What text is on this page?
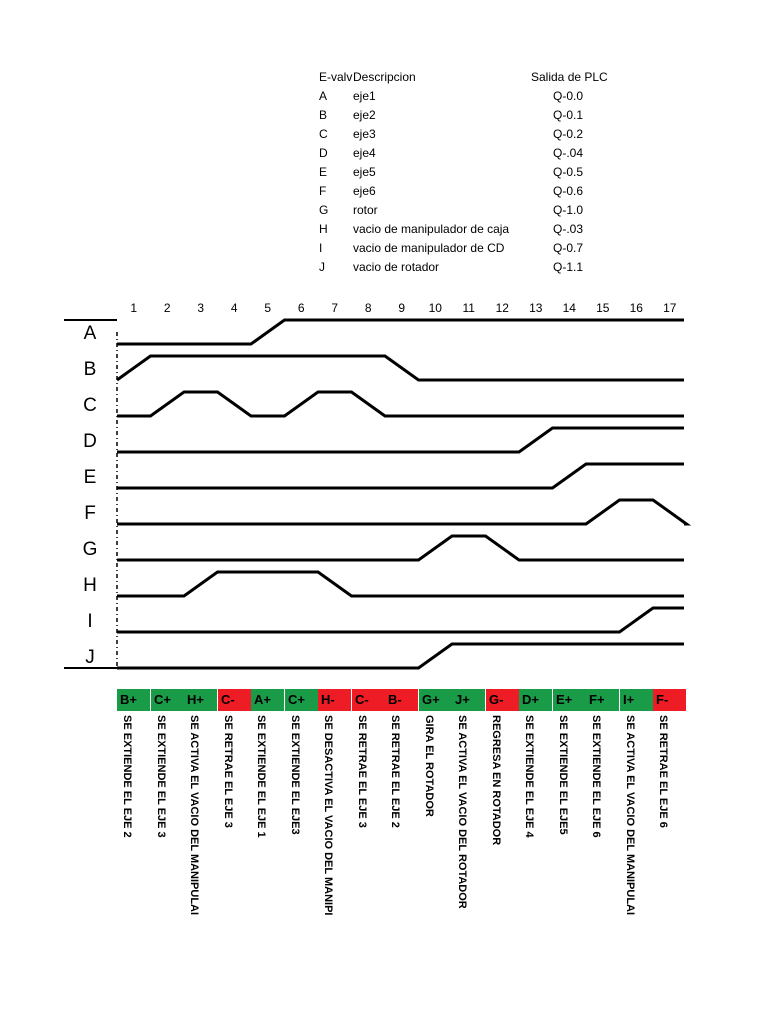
E-valv Descripcion	Salida de PLC
A eje1	Q-0.0
B eje2	Q-0.1
C eje3	Q-0.2
D eje4	Q-.04
E eje5	Q-0.5
F eje6	Q-0.6
G rotor	Q-1.0
H vacio de manipulador de caja	Q-.03
I	vacio de manipulador de CD	Q-0.7
J vacio de rotador	Q-1.1
1 2 3 4 5 6 7 8 9 10 11 12 13 14 15 16 17
A
B
C
D
E
F
G
H
I
J
B+
SE EXTIENDE EL EJE 2
C+
SE EXTIENDE EL EJE 3
H+
SE ACTIVA EL VACIO DEL MANIPULAI
C-
SE RETRAE EL EJE 3
A+
SE EXTIENDE EL EJE 1
C+
SE EXTIENDE EL EJE3
H-
SE DESACTIVA EL VACIO DEL MANIPI
C-
SE RETRAE EL EJE 3
B-
SE RETRAE EL EJE 2
G+
GIRA EL ROTADOR
J+
SE ACTIVA EL VACIO DEL ROTADOR
G-
REGRESA EN ROTADOR
D+
SE EXTIENDE EL EJE 4
E+
SE EXTIENDE EL EJE5
F+
SE EXTIENDE EL EJE 6
I+
SE ACTIVA EL VACIO DEL MANIPULAI
F-
SE RETRAE EL EJE 6
